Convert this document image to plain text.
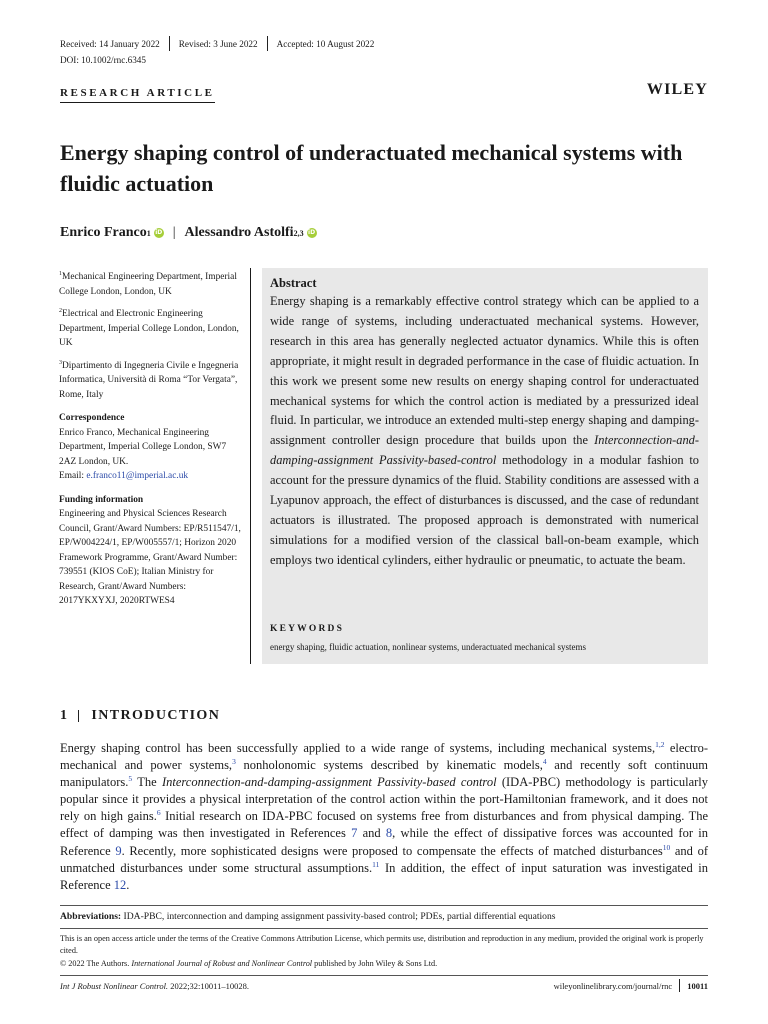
Received: 14 January 2022 Revised: 3 June 2022 Accepted: 10 August 2022
DOI: 10.1002/rnc.6345
RESEARCH ARTICLE	WILEY
Energy shaping control of underactuated mechanical systems with fluidic actuation
Enrico Franco 1 iD | Alessandro Astolfi 2,3 iD
$^1$Mechanical Engineering Department, Imperial College London, London, UK
$^2$Electrical and Electronic Engineering Department, Imperial College London, London, UK
$^3$Dipartimento di Ingegneria Civile e Ingegneria Informatica, Università di Roma “Tor Vergata”, Rome, Italy
Correspondence
Enrico Franco, Mechanical Engineering Department, Imperial College London, SW7 2AZ London, UK.
Email: e.franco11@imperial.ac.uk
Funding information
Engineering and Physical Sciences Research Council, Grant/Award Numbers: EP/R511547/1, EP/W004224/1, EP/W005557/1; Horizon 2020 Framework Programme, Grant/Award Number: 739551 (KIOS CoE); Italian Ministry for Research, Grant/Award Numbers: 2017YKXYXJ, 2020RTWES4
Abstract
Energy shaping is a remarkably effective control strategy which can be applied to a wide range of systems, including underactuated mechanical systems. However, research in this area has generally neglected actuator dynamics. While this is often appropriate, it might result in degraded performance in the case of fluidic actuation. In this work we present some new results on energy shaping control for underactuated mechanical systems for which the control action is mediated by a pressurized ideal fluid. In particular, we introduce an extended multi-step energy shaping and damping-assignment controller design procedure that builds upon the Interconnection-and-damping-assignment Passivity-based-control methodology in a modular fashion to account for the pressure dynamics of the fluid. Stability conditions are assessed with a Lyapunov approach, the effect of disturbances is discussed, and the case of redundant actuators is illustrated. The proposed approach is demonstrated with numerical simulations for a modified version of the classical ball-on-beam example, which employs two identical cylinders, either hydraulic or pneumatic, to actuate the beam.
KEYWORDS
energy shaping, fluidic actuation, nonlinear systems, underactuated mechanical systems
1 INTRODUCTION
Energy shaping control has been successfully applied to a wide range of systems, including mechanical systems,$^{1,2}$ electro-mechanical and power systems,$^3$ nonholonomic systems described by kinematic models,$^4$ and recently soft continuum manipulators.$^5$ The Interconnection-and-damping-assignment Passivity-based control (IDA-PBC) methodology is particularly popular since it provides a physical interpretation of the control action within the port-Hamiltonian framework, and it does not rely on high gains.$^6$ Initial research on IDA-PBC focused on systems free from disturbances and from physical damping. The effect of damping was then investigated in References 7 and 8, while the effect of dissipative forces was accounted for in Reference 9. Recently, more sophisticated designs were proposed to compensate the effects of matched disturbances$^{10}$ and of unmatched disturbances under some structural assumptions.$^{11}$ In addition, the effect of input saturation was investigated in Reference 12.
Abbreviations: IDA-PBC, interconnection and damping assignment passivity-based control; PDEs, partial differential equations
This is an open access article under the terms of the Creative Commons Attribution License, which permits use, distribution and reproduction in any medium, provided the original work is properly cited.
© 2022 The Authors. International Journal of Robust and Nonlinear Control published by John Wiley & Sons Ltd.
Int J Robust Nonlinear Control. 2022;32:10011–10028.	wileyonlinelibrary.com/journal/rnc 10011
